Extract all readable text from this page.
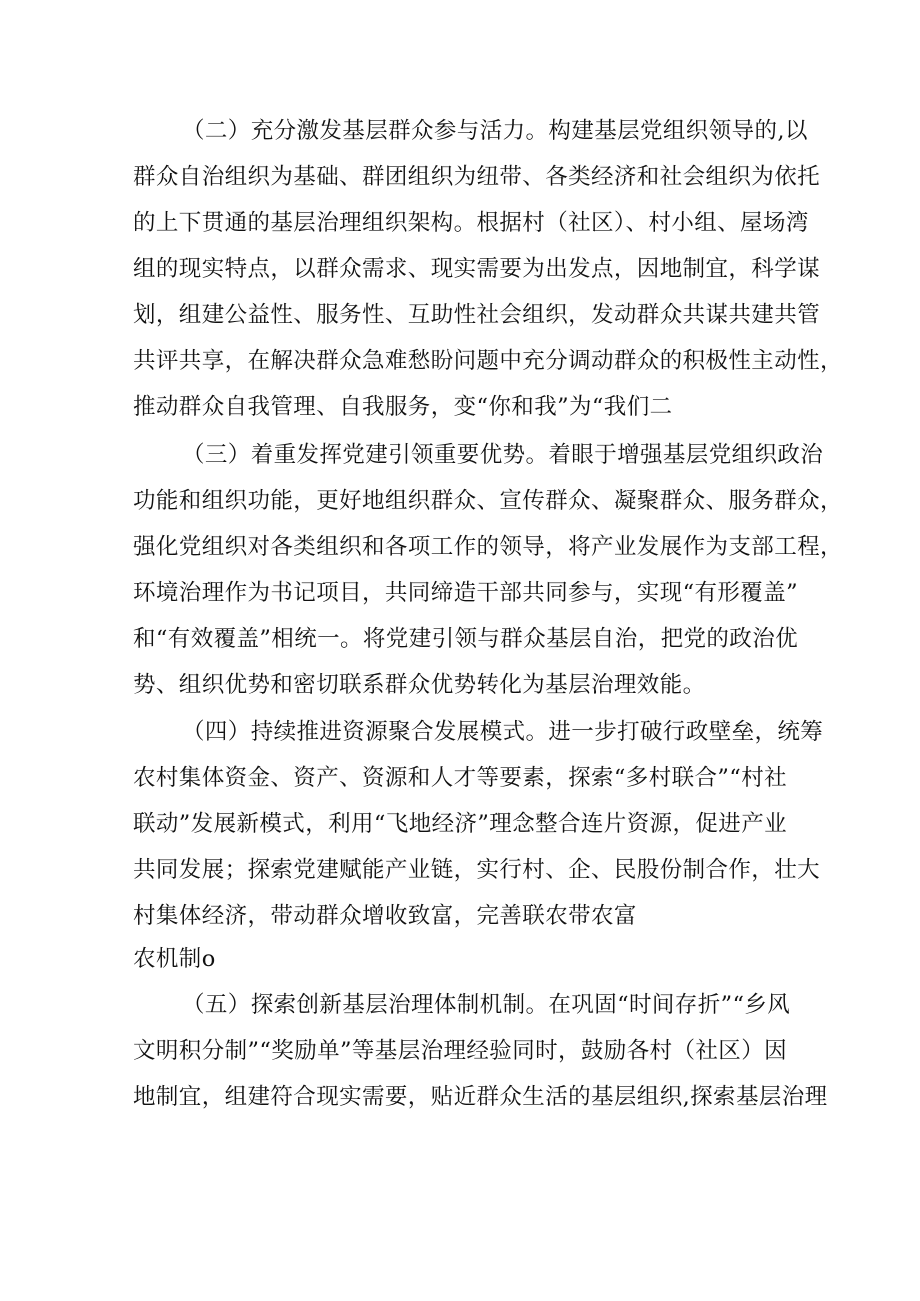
（二）充分激发基层群众参与活力。构建基层党组织领导的,以
群众自治组织为基础、群团组织为纽带、各类经济和社会组织为依托
的上下贯通的基层治理组织架构。根据村（社区）、村小组、屋场湾
组的现实特点，以群众需求、现实需要为出发点，因地制宜，科学谋
划，组建公益性、服务性、互助性社会组织，发动群众共谋共建共管
共评共享，在解决群众急难愁盼问题中充分调动群众的积极性主动性，
推动群众自我管理、自我服务，变“你和我”为“我们二
（三）着重发挥党建引领重要优势。着眼于增强基层党组织政治
功能和组织功能，更好地组织群众、宣传群众、凝聚群众、服务群众，
强化党组织对各类组织和各项工作的领导，将产业发展作为支部工程，
环境治理作为书记项目，共同缔造干部共同参与，实现“有形覆盖”
和“有效覆盖”相统一。将党建引领与群众基层自治，把党的政治优
势、组织优势和密切联系群众优势转化为基层治理效能。
（四）持续推进资源聚合发展模式。进一步打破行政壁垒，统筹
农村集体资金、资产、资源和人才等要素，探索“多村联合”“村社
联动”发展新模式，利用“飞地经济”理念整合连片资源，促进产业
共同发展；探索党建赋能产业链，实行村、企、民股份制合作，壮大
村集体经济，带动群众增收致富，完善联农带农富
农机制o
（五）探索创新基层治理体制机制。在巩固“时间存折”“乡风
文明积分制”“奖励单”等基层治理经验同时，鼓励各村（社区）因
地制宜，组建符合现实需要，贴近群众生活的基层组织,探索基层治理
